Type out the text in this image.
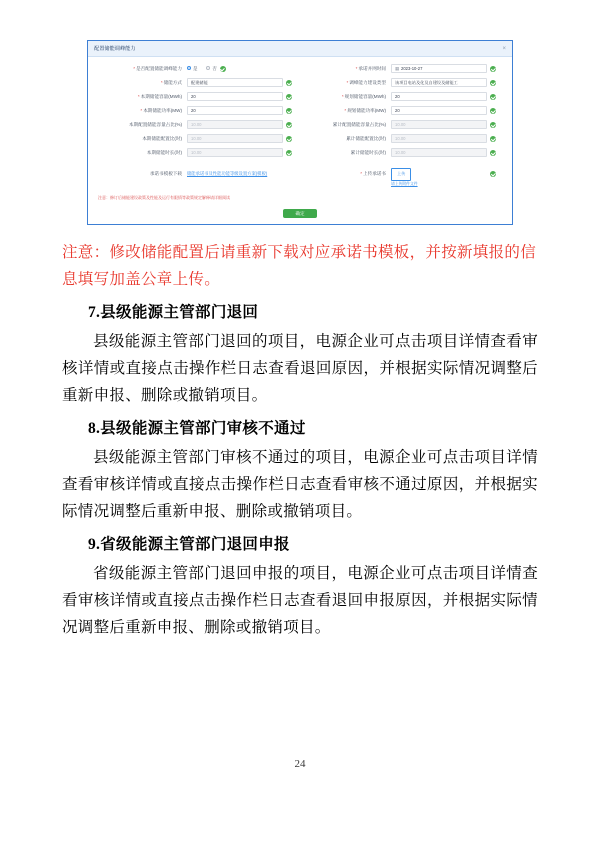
配置储能调峰能力	×
*是否配置储能调峰能力	是	否	*承诺并网时间	▦ 2023-10-27
*储能方式	配建储能	*调峰能力建设类型	该项目电站及化及自建设及储能工
*本期储能容量(MWh)	20	*规划储能容量(MWh)	20
*本期储能功率(MW)	20	*规划储能功率(MW)	20
本期配置储能容量占比(%)	10.00	累计配置储能容量占比(%)	10.00
本期储能配置比(时)	10.00	累计储能配置比(时)	10.00
本期储能时长(时)	10.00	累计储能时长(时)	10.00
承诺书模板下载	储能承诺书及性能功能等级设置方案(模板)	*上传承诺书	上传
请上传附件文件
注意：修订后储能建设政策及性能及运行有限情等政策规定解释请详细阅读
确定
注意：修改储能配置后请重新下载对应承诺书模板，并按新填报的信息填写加盖公章上传。
7.县级能源主管部门退回

县级能源主管部门退回的项目，电源企业可点击项目详情查看审核详情或直接点击操作栏日志查看退回原因，并根据实际情况调整后重新申报、删除或撤销项目。

8.县级能源主管部门审核不通过

县级能源主管部门审核不通过的项目，电源企业可点击项目详情查看审核详情或直接点击操作栏日志查看审核不通过原因，并根据实际情况调整后重新申报、删除或撤销项目。

9.省级能源主管部门退回申报

省级能源主管部门退回申报的项目，电源企业可点击项目详情查看审核详情或直接点击操作栏日志查看退回申报原因，并根据实际情况调整后重新申报、删除或撤销项目。

24
